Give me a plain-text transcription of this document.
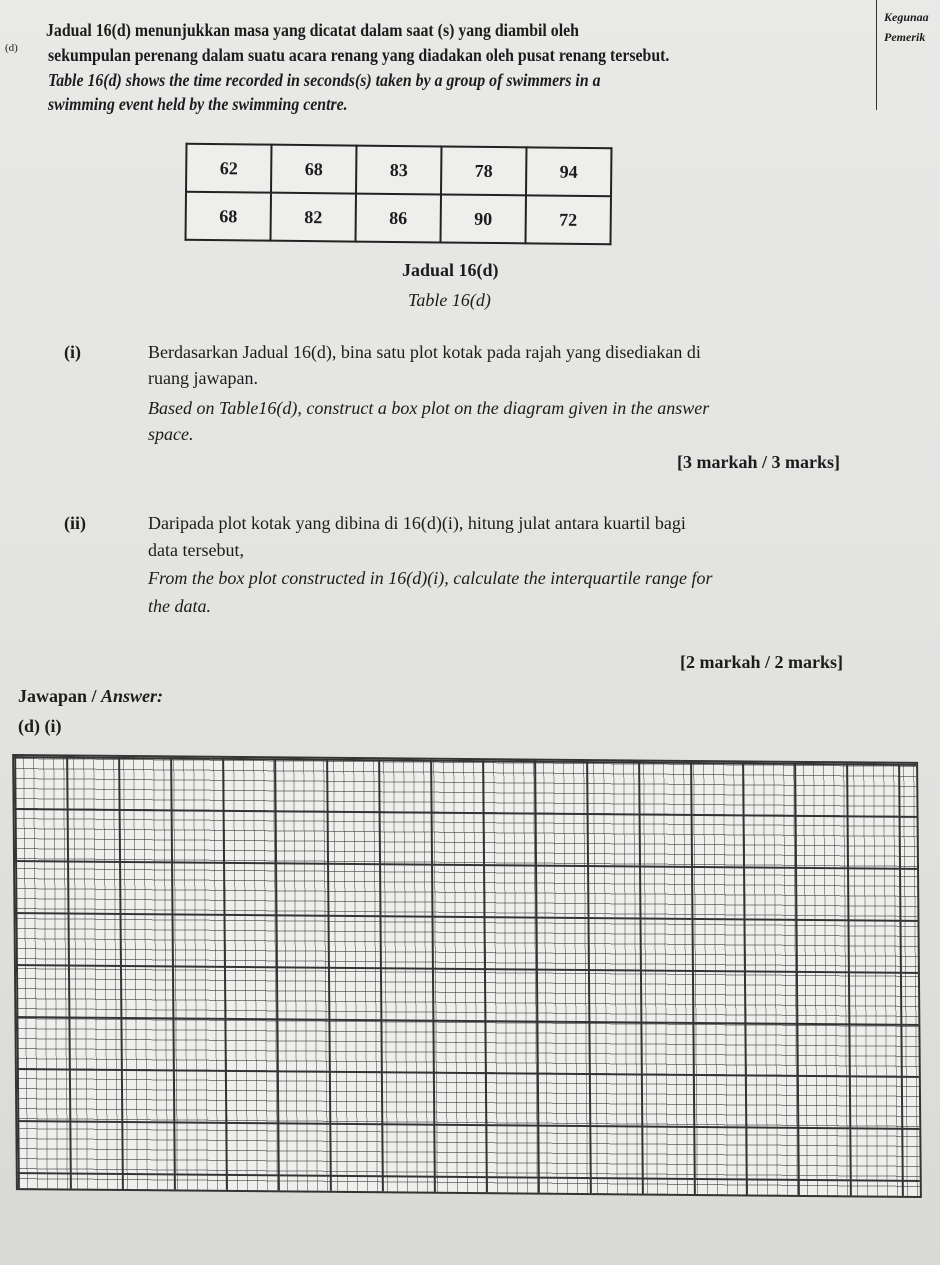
Kegunaa
Pemerik
(d)
Jadual 16(d) menunjukkan masa yang dicatat dalam saat (s) yang diambil oleh
sekumpulan perenang dalam suatu acara renang yang diadakan oleh pusat renang tersebut.
Table 16(d) shows the time recorded in seconds(s) taken by a group of swimmers in a
swimming event held by the swimming centre.
62	68	83	78	94
68	82	86	90	72
Jadual 16(d)
Table 16(d)
(i)	Berdasarkan Jadual 16(d), bina satu plot kotak pada rajah yang disediakan di
ruang jawapan.
Based on Table16(d), construct a box plot on the diagram given in the answer
space.
[3 markah / 3 marks]
(ii)	Daripada plot kotak yang dibina di 16(d)(i), hitung julat antara kuartil bagi
data tersebut,
From the box plot constructed in 16(d)(i), calculate the interquartile range for
the data.
[2 markah / 2 marks]
Jawapan / Answer:
(d) (i)
